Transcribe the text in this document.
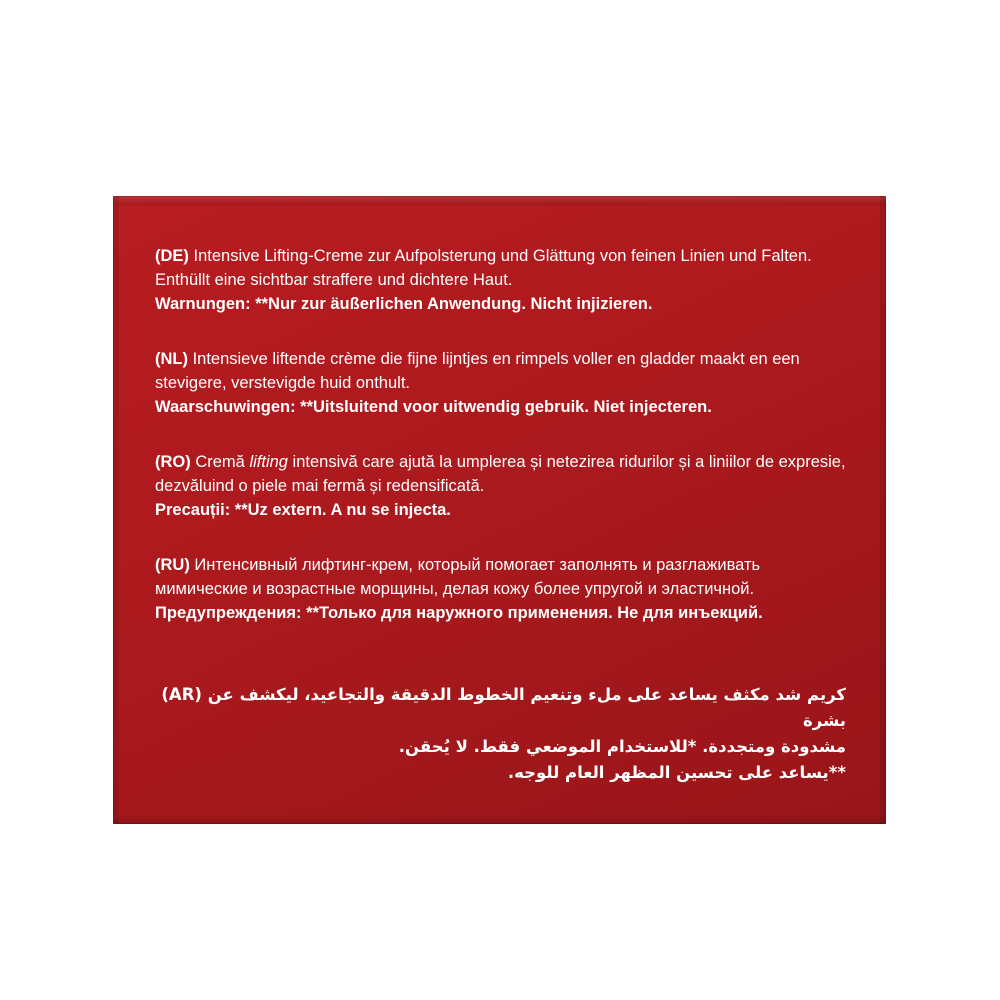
(DE) Intensive Lifting-Creme zur Aufpolsterung und Glättung von feinen Linien und Falten. Enthüllt eine sichtbar straffere und dichtere Haut.
Warnungen: **Nur zur äußerlichen Anwendung. Nicht injizieren.

(NL) Intensieve liftende crème die fijne lijntjes en rimpels voller en gladder maakt en een stevigere, verstevigde huid onthult.
Waarschuwingen: **Uitsluitend voor uitwendig gebruik. Niet injecteren.

(RO) Cremă lifting intensivă care ajută la umplerea și netezirea ridurilor și a liniilor de expresie, dezvăluind o piele mai fermă și redensificată.
Precauții: **Uz extern. A nu se injecta.

(RU) Интенсивный лифтинг-крем, который помогает заполнять и разглаживать мимические и возрастные морщины, делая кожу более упругой и эластичной. Предупреждения: **Только для наружного применения. Не для инъекций.

(AR) كريم شد مكثف يساعد على ملء وتنعيم الخطوط الدقيقة والتجاعيد، ليكشف عن بشرة
مشدودة ومتجددة. *للاستخدام الموضعي فقط. لا يُحقن.
**يساعد على تحسين المظهر العام للوجه.
